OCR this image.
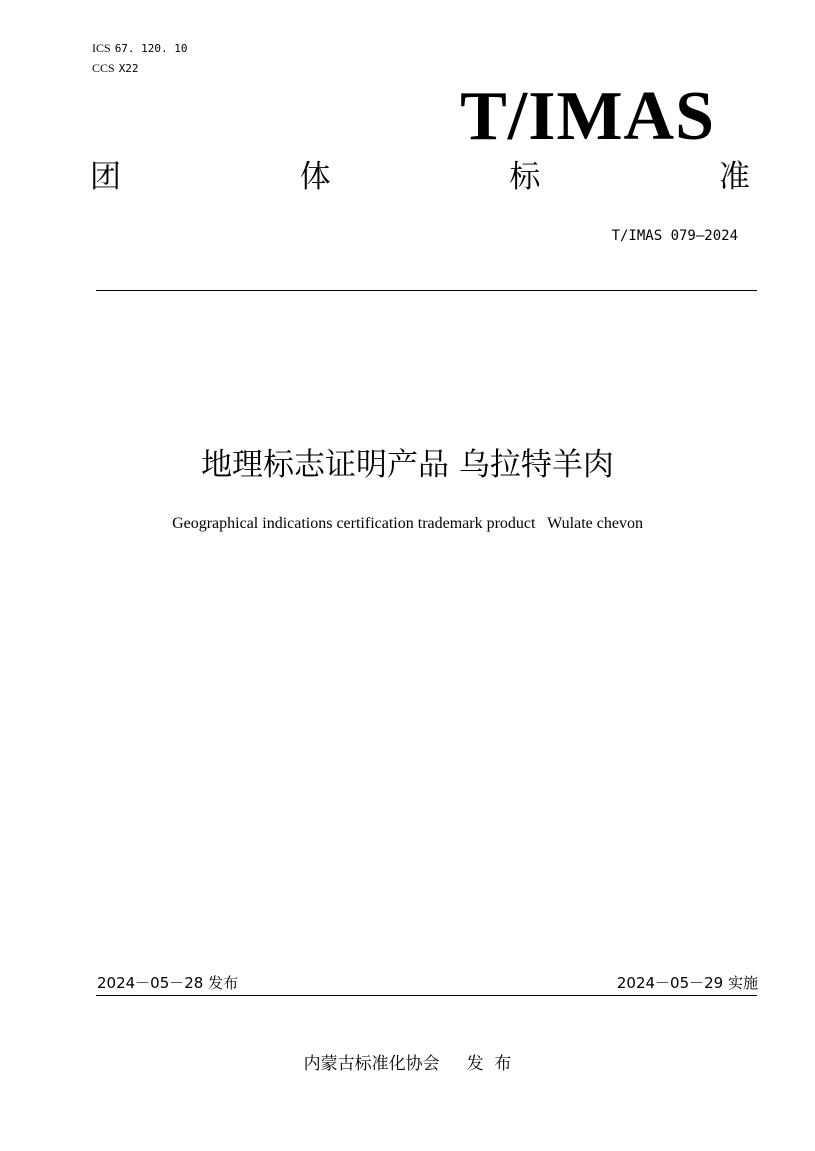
ICS 67. 120. 10
CCS X22
T/IMAS
团	体	标	准
T/IMAS 079—2024
地理标志证明产品 乌拉特羊肉
Geographical indications certification trademark product   Wulate chevon
2024－05－28 发布	2024－05－29 实施
内蒙古标准化协会     发  布
